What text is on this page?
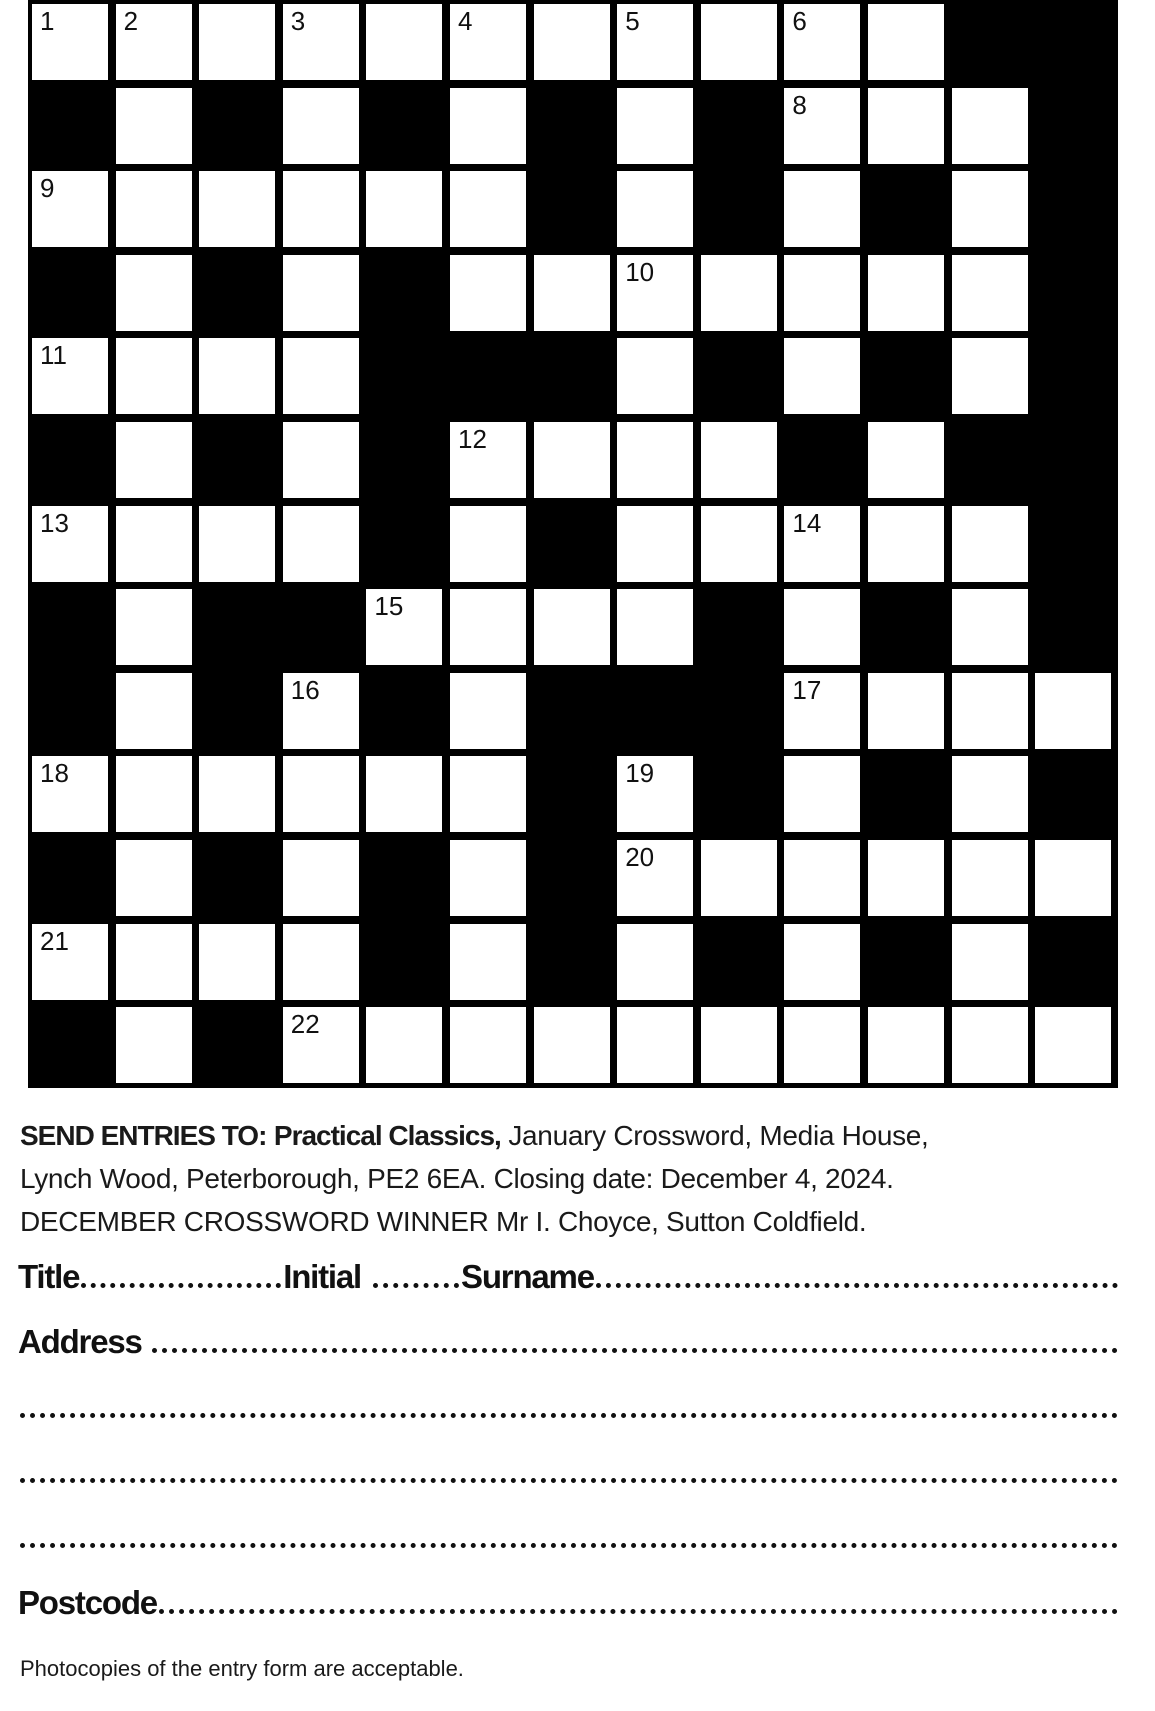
1	2	3	4	5	6
8
9
10
11
12
13	14
15
16	17
18	19
20
21
22
SEND ENTRIES TO: Practical Classics, January Crossword, Media House,
Lynch Wood, Peterborough, PE2 6EA. Closing date: December 4, 2024.
DECEMBER CROSSWORD WINNER Mr I. Choyce, Sutton Coldfield.
Title	Initial	Surname
Address
Postcode
Photocopies of the entry form are acceptable.
